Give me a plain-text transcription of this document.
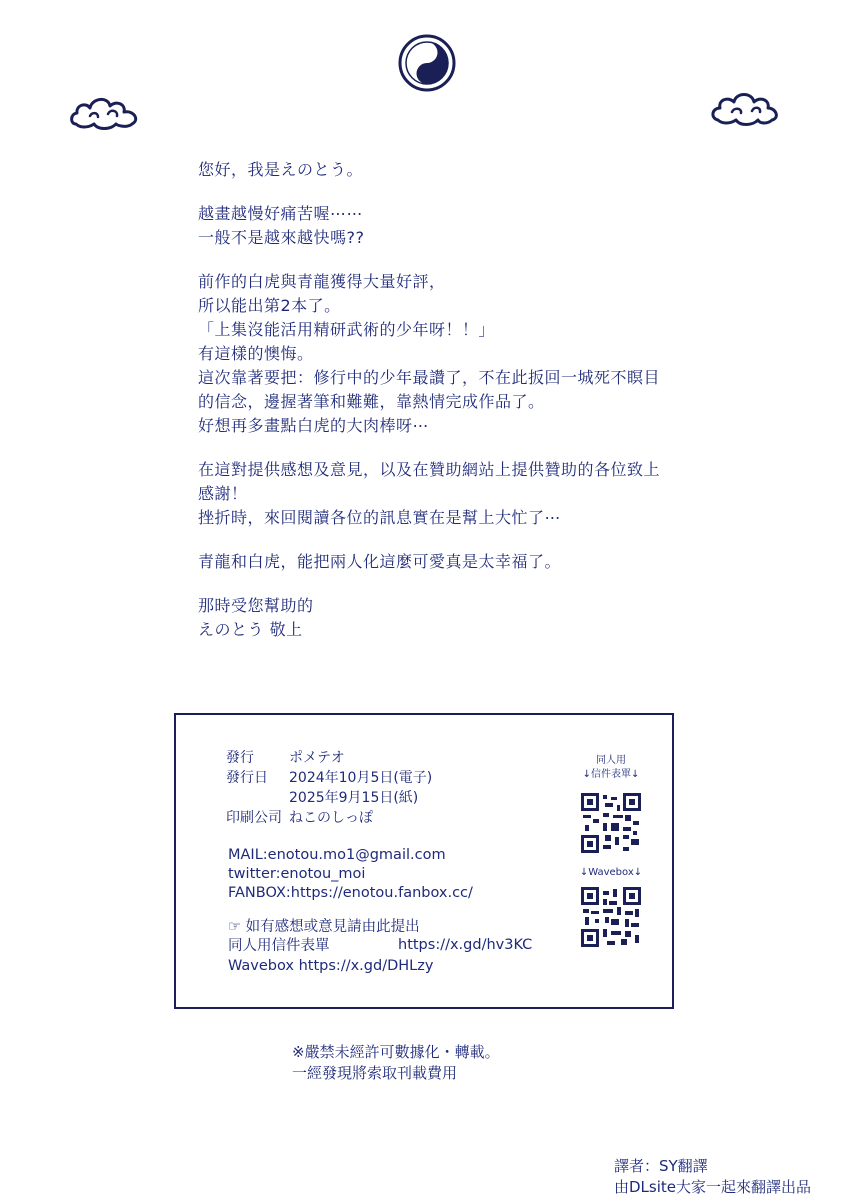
您好，我是えのとう。
越畫越慢好痛苦喔⋯⋯
一般不是越來越快嗎??
前作的白虎與青龍獲得大量好評，
所以能出第2本了。
「上集沒能活用精研武術的少年呀！！」
有這樣的懊悔。
這次靠著要把：修行中的少年最讚了，不在此扳回一城死不瞑目
的信念，邊握著筆和難難，靠熱情完成作品了。
好想再多畫點白虎的大肉棒呀⋯
在這對提供感想及意見，以及在贊助網站上提供贊助的各位致上
感謝！
挫折時，來回閱讀各位的訊息實在是幫上大忙了⋯
青龍和白虎，能把兩人化這麼可愛真是太幸福了。
那時受您幫助的
えのとう 敬上
發行	ポメテオ
發行日 2024年10月5日(電子)
2025年9月15日(紙)
印刷公司 ねこのしっぽ
MAIL:enotou.mo1@gmail.com
twitter:enotou_moi
FANBOX:https://enotou.fanbox.cc/
☞ 如有感想或意見請由此提出
同人用信件表單	https://x.gd/hv3KC
Wavebox https://x.gd/DHLzy
同人用
↓信件表單↓
↓Wavebox↓
※嚴禁未經許可數據化・轉載。
一經發現將索取刊載費用
譯者：SY翻譯
由DLsite大家一起來翻譯出品
